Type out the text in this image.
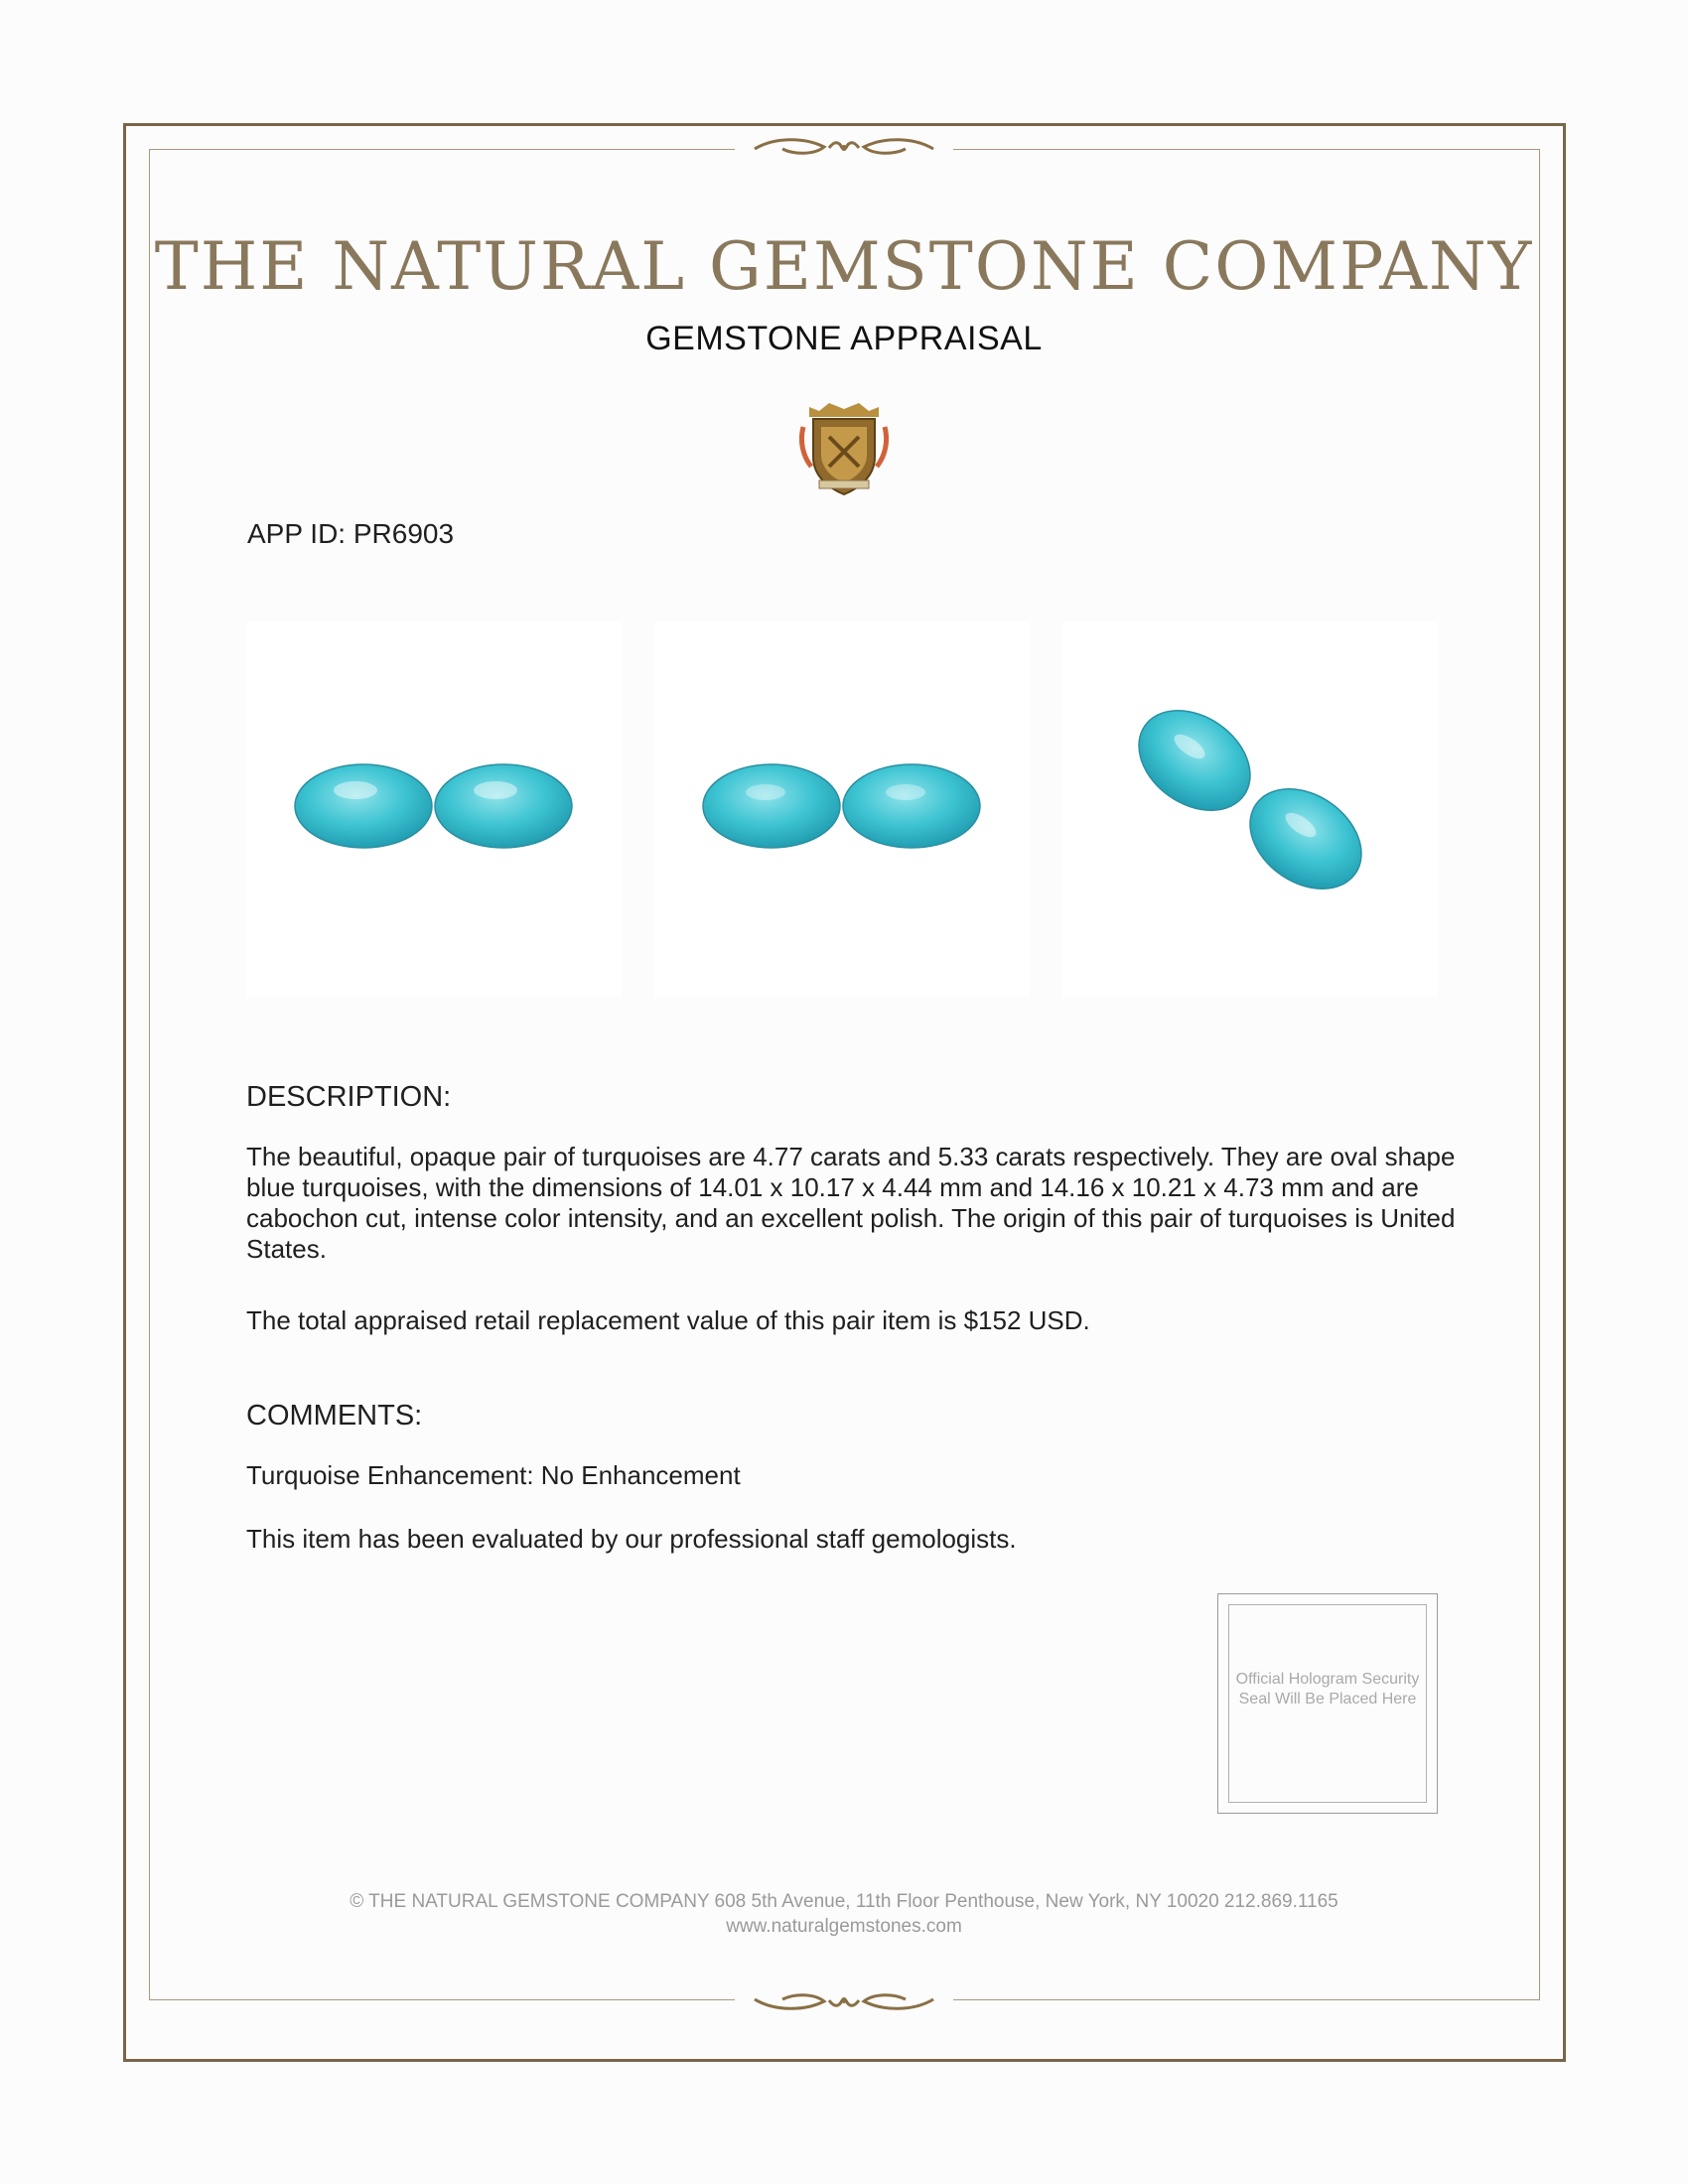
THE NATURAL GEMSTONE COMPANY
GEMSTONE APPRAISAL
APP ID: PR6903
DESCRIPTION:
The beautiful, opaque pair of turquoises are 4.77 carats and 5.33 carats respectively. They are oval shape blue turquoises, with the dimensions of 14.01 x 10.17 x 4.44 mm and 14.16 x 10.21 x 4.73 mm and are cabochon cut, intense color intensity, and an excellent polish. The origin of this pair of turquoises is United States.
The total appraised retail replacement value of this pair item is $152 USD.
COMMENTS:
Turquoise Enhancement: No Enhancement
This item has been evaluated by our professional staff gemologists.
Official Hologram Security Seal Will Be Placed Here
© THE NATURAL GEMSTONE COMPANY 608 5th Avenue, 11th Floor Penthouse, New York, NY 10020 212.869.1165
www.naturalgemstones.com
